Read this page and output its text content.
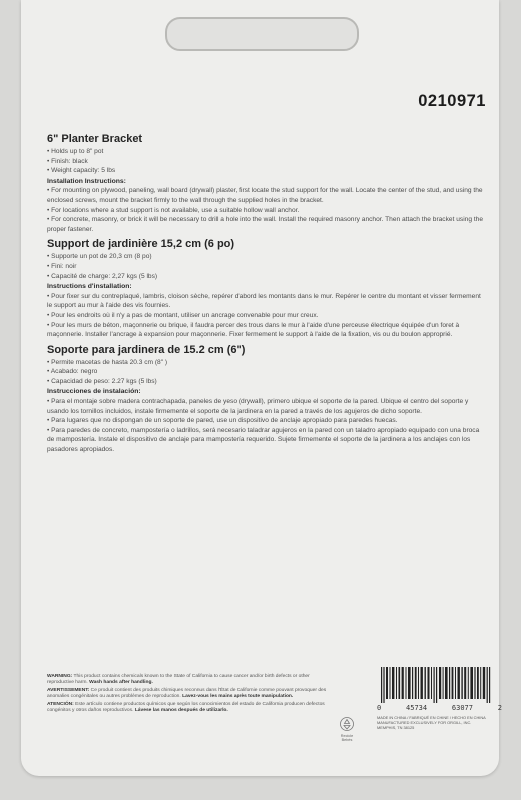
0210971
6" Planter Bracket
• Holds up to 8" pot
• Finish: black
• Weight capacity: 5 lbs
Installation Instructions:
• For mounting on plywood, paneling, wall board (drywall) plaster, first locate the stud support for the wall. Locate the center of the stud, and using the enclosed screws, mount the bracket firmly to the wall through the supplied holes in the bracket.
• For locations where a stud support is not available, use a suitable hollow wall anchor.
• For concrete, masonry, or brick it will be necessary to drill a hole into the wall. Install the required masonry anchor. Then attach the bracket using the proper fastener.
Support de jardinière 15,2 cm (6 po)
• Supporte un pot de 20,3 cm (8 po)
• Fini: noir
• Capacité de charge: 2,27 kgs (5 lbs)
Instructions d'installation:
• Pour fixer sur du contreplaqué, lambris, cloison sèche, repérer d'abord les montants dans le mur. Repérer le centre du montant et visser fermement le support au mur à l'aide des vis fournies.
• Pour les endroits où il n'y a pas de montant, utiliser un ancrage convenable pour mur creux.
• Pour les murs de béton, maçonnerie ou brique, il faudra percer des trous dans le mur à l'aide d'une perceuse électrique équipée d'un foret à maçonnerie. Installer l'ancrage à expansion pour maçonnerie. Fixer fermement le support à l'aide de la fixation, vis ou du boulon approprié.
Soporte para jardinera de 15.2 cm (6")
• Permite macetas de hasta 20.3 cm (8" )
• Acabado: negro
• Capacidad de peso: 2.27 kgs (5 lbs)
Instrucciones de instalación:
• Para el montaje sobre madera contrachapada, paneles de yeso (drywall), primero ubique el soporte de la pared. Ubique el centro del soporte y usando los tornillos incluidos, instale firmemente el soporte de la jardinera en la pared a través de los agujeros de dicho soporte.
• Para lugares que no dispongan de un soporte de pared, use un dispositivo de anclaje apropiado para paredes huecas.
• Para paredes de concreto, mampostería o ladrillos, será necesario taladrar agujeros en la pared con un taladro apropiado equipado con una broca de mampostería. Instale el dispositivo de anclaje para mampostería requerido. Sujete firmemente el soporte de la jardinera a los anclajes con los pasadores apropiados.

WARNING: This product contains chemicals known to the State of California to cause cancer and/or birth defects or other reproductive harm. Wash hands after handling.

AVERTISSEMENT: Ce produit contient des produits chimiques reconnus dans l'État de Californie comme pouvant provoquer des anomalies congénitales ou autres problèmes de reproduction. Lavez-vous les mains après toute manipulation.

ATENCIÓN: Este artículo contiene productos químicos que según los conocimientos del estado de California producen defectos congénitos y otros daños reproductivos. Lávese las manos después de utilizarlo.

Recicle
Bebés
0	45734	63077	2
MADE IN CHINA / FABRIQUÉ EN CHINE / HECHO EN CHINA
MANUFACTURED EXCLUSIVELY FOR ORGILL, INC.
MEMPHIS, TN 38125
